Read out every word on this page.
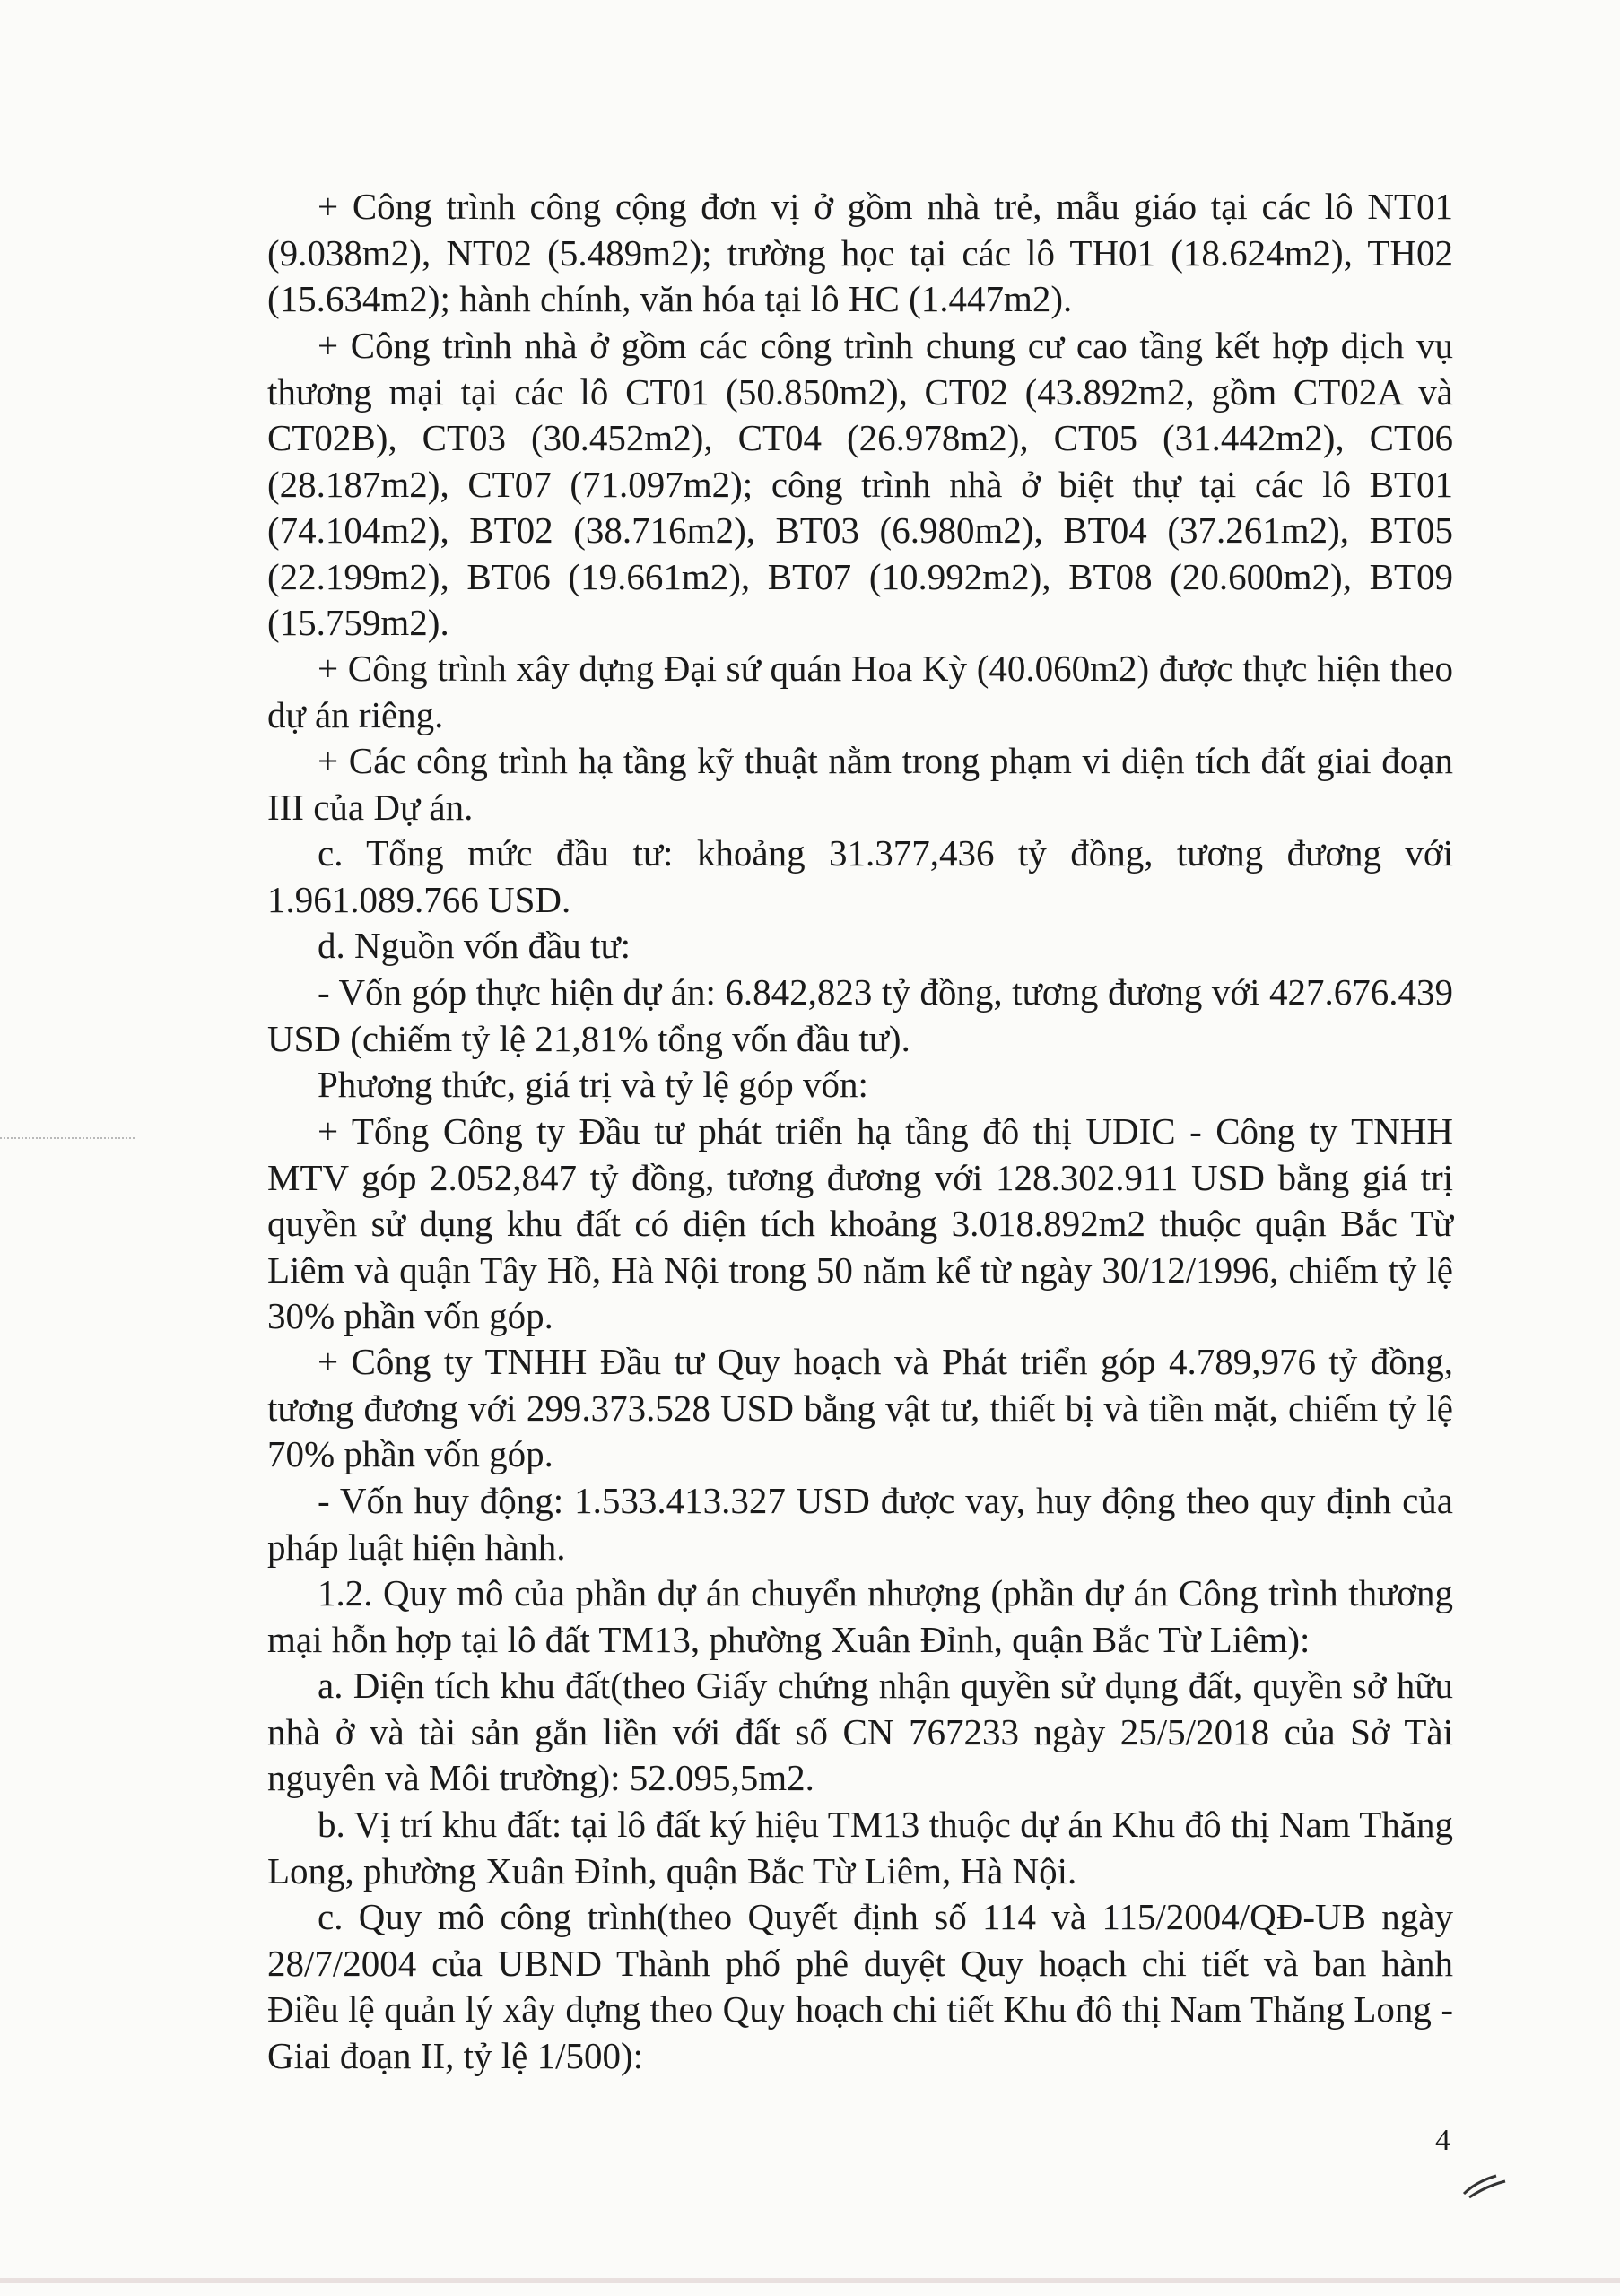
+ Công trình công cộng đơn vị ở gồm nhà trẻ, mẫu giáo tại các lô NT01 (9.038m2), NT02 (5.489m2); trường học tại các lô TH01 (18.624m2), TH02 (15.634m2); hành chính, văn hóa tại lô HC (1.447m2).

+ Công trình nhà ở gồm các công trình chung cư cao tầng kết hợp dịch vụ thương mại tại các lô CT01 (50.850m2), CT02 (43.892m2, gồm CT02A và CT02B), CT03 (30.452m2), CT04 (26.978m2), CT05 (31.442m2), CT06 (28.187m2), CT07 (71.097m2); công trình nhà ở biệt thự tại các lô BT01 (74.104m2), BT02 (38.716m2), BT03 (6.980m2), BT04 (37.261m2), BT05 (22.199m2), BT06 (19.661m2), BT07 (10.992m2), BT08 (20.600m2), BT09 (15.759m2).

+ Công trình xây dựng Đại sứ quán Hoa Kỳ (40.060m2) được thực hiện theo dự án riêng.

+ Các công trình hạ tầng kỹ thuật nằm trong phạm vi diện tích đất giai đoạn III của Dự án.

c. Tổng mức đầu tư: khoảng 31.377,436 tỷ đồng, tương đương với 1.961.089.766 USD.

d. Nguồn vốn đầu tư:

- Vốn góp thực hiện dự án: 6.842,823 tỷ đồng, tương đương với 427.676.439 USD (chiếm tỷ lệ 21,81% tổng vốn đầu tư).

Phương thức, giá trị và tỷ lệ góp vốn:

+ Tổng Công ty Đầu tư phát triển hạ tầng đô thị UDIC - Công ty TNHH MTV góp 2.052,847 tỷ đồng, tương đương với 128.302.911 USD bằng giá trị quyền sử dụng khu đất có diện tích khoảng 3.018.892m2 thuộc quận Bắc Từ Liêm và quận Tây Hồ, Hà Nội trong 50 năm kể từ ngày 30/12/1996, chiếm tỷ lệ 30% phần vốn góp.

+ Công ty TNHH Đầu tư Quy hoạch và Phát triển góp 4.789,976 tỷ đồng, tương đương với 299.373.528 USD bằng vật tư, thiết bị và tiền mặt, chiếm tỷ lệ 70% phần vốn góp.

- Vốn huy động: 1.533.413.327 USD được vay, huy động theo quy định của pháp luật hiện hành.

1.2. Quy mô của phần dự án chuyển nhượng (phần dự án Công trình thương mại hỗn hợp tại lô đất TM13, phường Xuân Đỉnh, quận Bắc Từ Liêm):

a. Diện tích khu đất(theo Giấy chứng nhận quyền sử dụng đất, quyền sở hữu nhà ở và tài sản gắn liền với đất số CN 767233 ngày 25/5/2018 của Sở Tài nguyên và Môi trường): 52.095,5m2.

b. Vị trí khu đất: tại lô đất ký hiệu TM13 thuộc dự án Khu đô thị Nam Thăng Long, phường Xuân Đỉnh, quận Bắc Từ Liêm, Hà Nội.

c. Quy mô công trình(theo Quyết định số 114 và 115/2004/QĐ-UB ngày 28/7/2004 của UBND Thành phố phê duyệt Quy hoạch chi tiết và ban hành Điều lệ quản lý xây dựng theo Quy hoạch chi tiết Khu đô thị Nam Thăng Long - Giai đoạn II, tỷ lệ 1/500):

4
